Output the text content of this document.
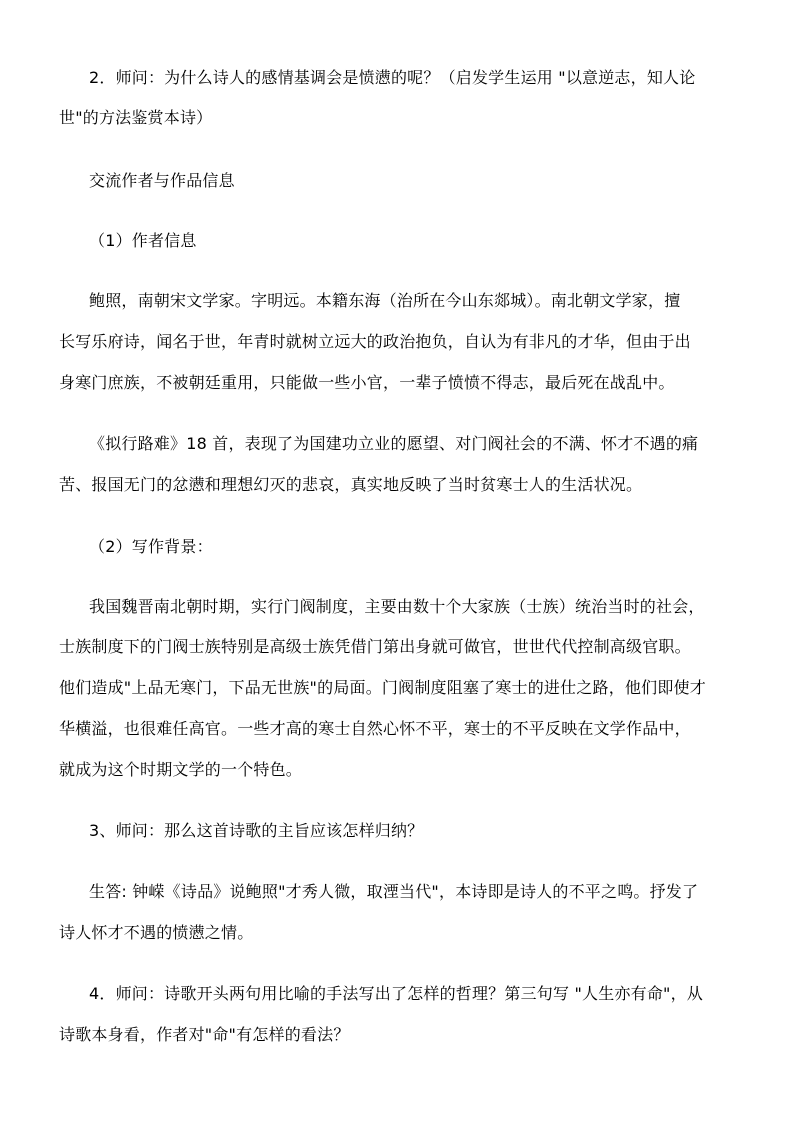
2．师问：为什么诗人的感情基调会是愤懑的呢？（启发学生运用 "以意逆志，知人论
世"的方法鉴赏本诗）
交流作者与作品信息
（1）作者信息
鲍照，南朝宋文学家。字明远。本籍东海（治所在今山东郯城）。南北朝文学家，擅
长写乐府诗，闻名于世，年青时就树立远大的政治抱负，自认为有非凡的才华，但由于出
身寒门庶族，不被朝廷重用，只能做一些小官，一辈子愤愤不得志，最后死在战乱中。
《拟行路难》18 首，表现了为国建功立业的愿望、对门阀社会的不满、怀才不遇的痛
苦、报国无门的忿懑和理想幻灭的悲哀，真实地反映了当时贫寒士人的生活状况。
（2）写作背景：
我国魏晋南北朝时期，实行门阀制度，主要由数十个大家族（士族）统治当时的社会，
士族制度下的门阀士族特别是高级士族凭借门第出身就可做官，世世代代控制高级官职。
他们造成"上品无寒门，下品无世族"的局面。门阀制度阻塞了寒士的进仕之路，他们即使才
华横溢，也很难任高官。一些才高的寒士自然心怀不平，寒士的不平反映在文学作品中，
就成为这个时期文学的一个特色。
3、师问：那么这首诗歌的主旨应该怎样归纳？
生答: 钟嵘《诗品》说鲍照"才秀人微，取湮当代"，本诗即是诗人的不平之鸣。抒发了
诗人怀才不遇的愤懑之情。
4．师问：诗歌开头两句用比喻的手法写出了怎样的哲理？第三句写 "人生亦有命"，从
诗歌本身看，作者对"命"有怎样的看法？
